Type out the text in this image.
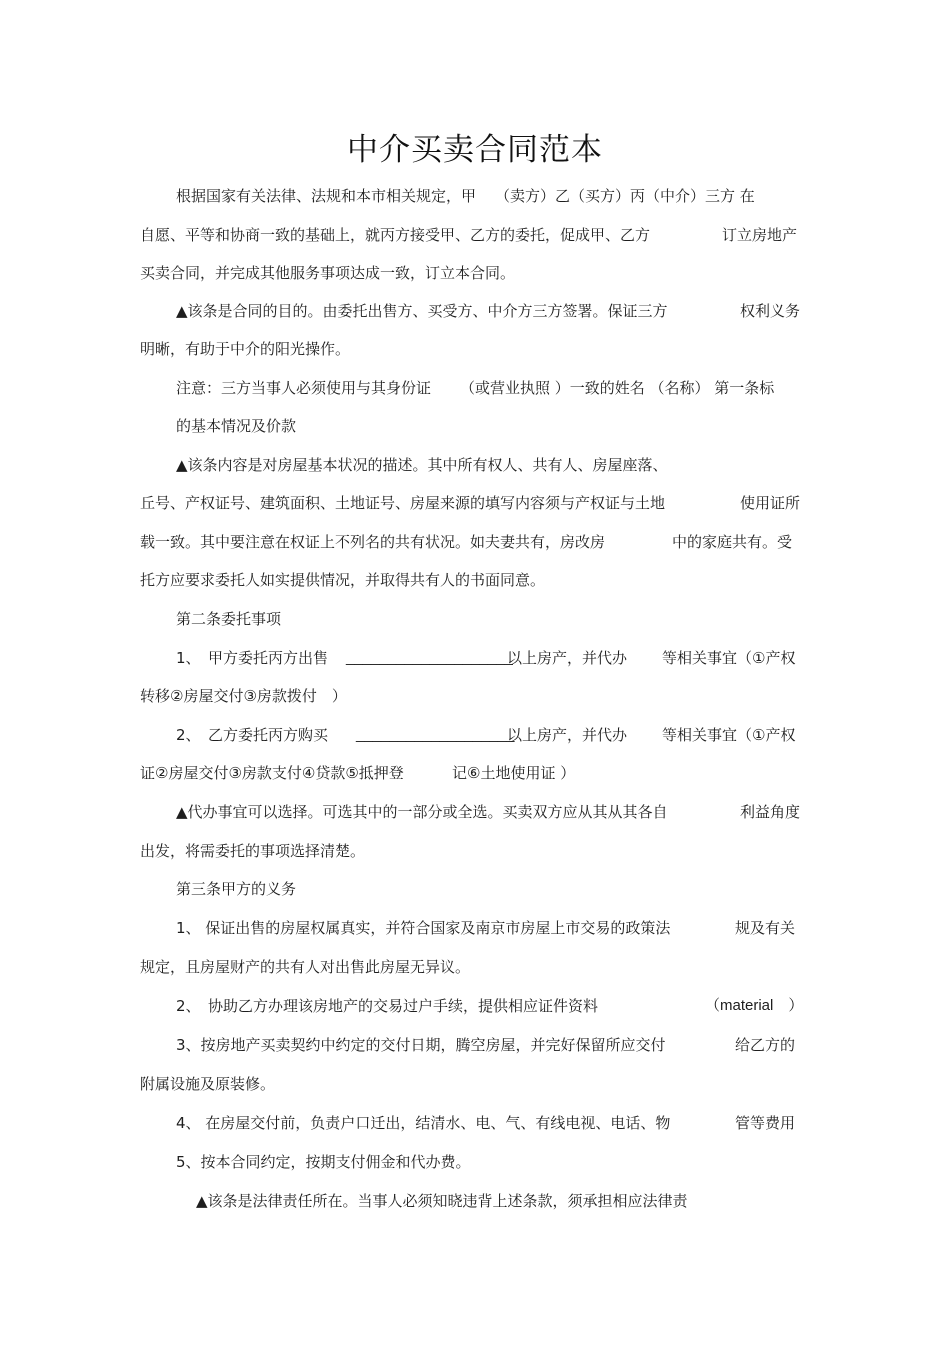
中介买卖合同范本
根据国家有关法律、法规和本市相关规定，甲 （卖方）乙（买方）丙（中介）三方 在
自愿、平等和协商一致的基础上，就丙方接受甲、乙方的委托，促成甲、乙方	订立房地产
买卖合同，并完成其他服务事项达成一致，订立本合同。
▲该条是合同的目的。由委托出售方、买受方、中介方三方签署。保证三方	权利义务
明晰，有助于中介的阳光操作。
注意：三方当事人必须使用与其身份证 （或营业执照 ）一致的姓名 （名称） 第一条标
的基本情况及价款
▲该条内容是对房屋基本状况的描述。其中所有权人、共有人、房屋座落、
丘号、产权证号、建筑面积、土地证号、房屋来源的填写内容须与产权证与土地	使用证所
载一致。其中要注意在权证上不列名的共有状况。如夫妻共有，房改房	中的家庭共有。受
托方应要求委托人如实提供情况，并取得共有人的书面同意。
第二条委托事项
1、　甲方委托丙方出售 ____________________
以上房产，并代办 等相关事宜（①产权
转移②房屋交付③房款拨付　）
2、　乙方委托丙方购买 ___________________
以上房产，并代办 等相关事宜（①产权
证②房屋交付③房款支付④贷款⑤抵押登	记⑥土地使用证 ）
▲代办事宜可以选择。可选其中的一部分或全选。买卖双方应从其从其各自	利益角度
出发，将需委托的事项选择清楚。
第三条甲方的义务
1、 保证出售的房屋权属真实，并符合国家及南京市房屋上市交易的政策法	规及有关
规定，且房屋财产的共有人对出售此房屋无异议。
2、　协助乙方办理该房地产的交易过户手续，提供相应证件资料	（material　）
3、按房地产买卖契约中约定的交付日期，腾空房屋，并完好保留所应交付	给乙方的
附属设施及原装修。
4、 在房屋交付前，负责户口迁出，结清水、电、气、有线电视、电话、物	管等费用
5、按本合同约定，按期支付佣金和代办费。
▲该条是法律责任所在。当事人必须知晓违背上述条款，须承担相应法律责
